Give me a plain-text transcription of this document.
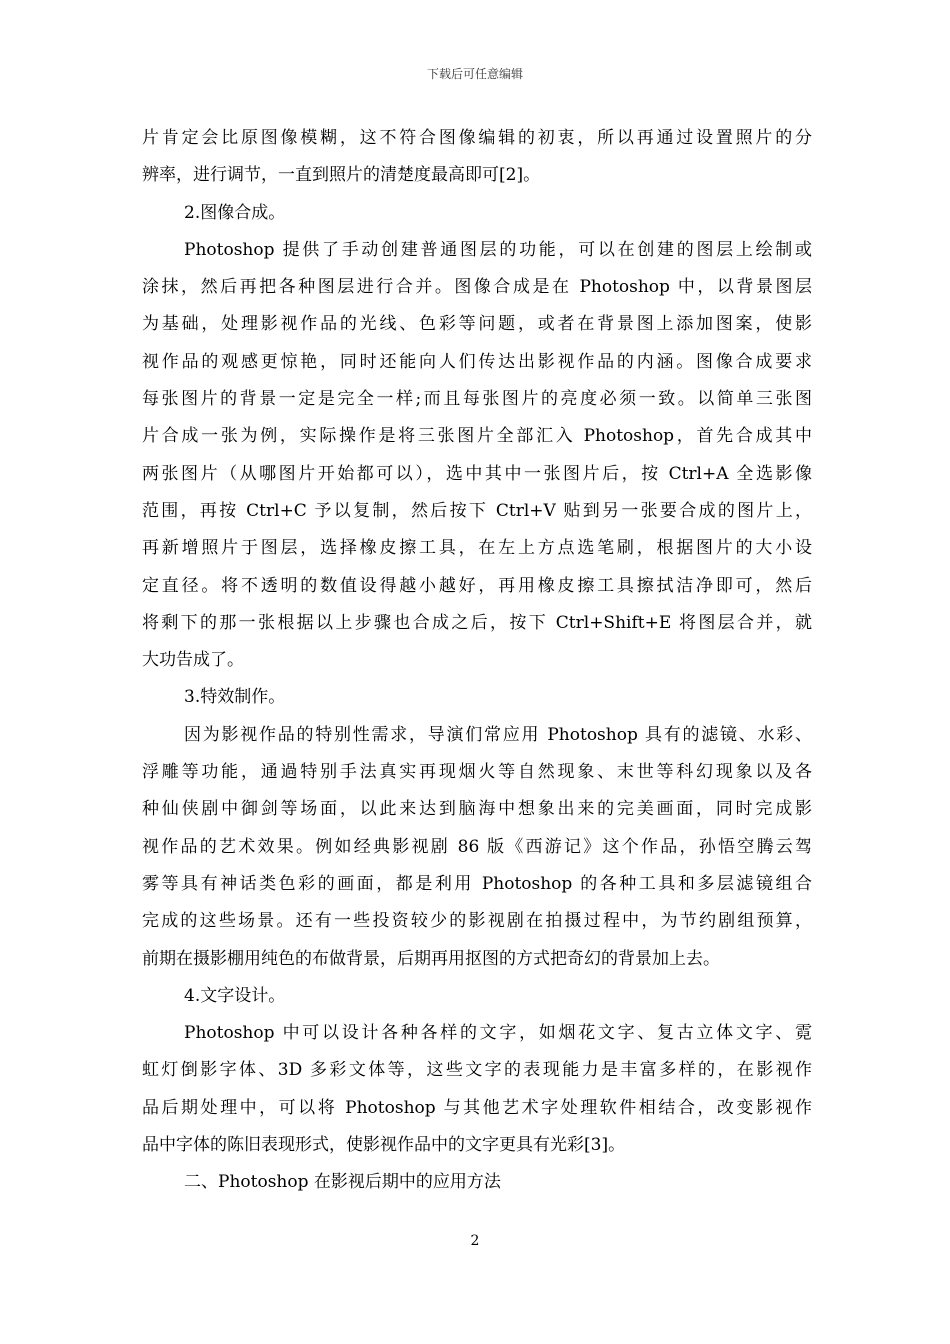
下载后可任意编辑
片肯定会比原图像模糊，这不符合图像编辑的初衷，所以再通过设置照片的分
辨率，进行调节，一直到照片的清楚度最高即可[2]。
2.图像合成。
Photoshop 提供了手动创建普通图层的功能，可以在创建的图层上绘制或
涂抹，然后再把各种图层进行合并。图像合成是在 Photoshop 中，以背景图层
为基础，处理影视作品的光线、色彩等问题，或者在背景图上添加图案，使影
视作品的观感更惊艳，同时还能向人们传达出影视作品的内涵。图像合成要求
每张图片的背景一定是完全一样;而且每张图片的亮度必须一致。以简单三张图
片合成一张为例，实际操作是将三张图片全部汇入 Photoshop，首先合成其中
两张图片（从哪图片开始都可以），选中其中一张图片后，按 Ctrl+A 全选影像
范围，再按 Ctrl+C 予以复制，然后按下 Ctrl+V 贴到另一张要合成的图片上，
再新增照片于图层，选择橡皮擦工具，在左上方点选笔刷，根据图片的大小设
定直径。将不透明的数值设得越小越好，再用橡皮擦工具擦拭洁净即可，然后
将剩下的那一张根据以上步骤也合成之后，按下 Ctrl+Shift+E 将图层合并，就
大功告成了。
3.特效制作。
因为影视作品的特别性需求，导演们常应用 Photoshop 具有的滤镜、水彩、
浮雕等功能，通過特别手法真实再现烟火等自然现象、末世等科幻现象以及各
种仙侠剧中御剑等场面，以此来达到脑海中想象出来的完美画面，同时完成影
视作品的艺术效果。例如经典影视剧 86 版《西游记》这个作品，孙悟空腾云驾
雾等具有神话类色彩的画面，都是利用 Photoshop 的各种工具和多层滤镜组合
完成的这些场景。还有一些投资较少的影视剧在拍摄过程中，为节约剧组预算，
前期在摄影棚用纯色的布做背景，后期再用抠图的方式把奇幻的背景加上去。
4.文字设计。
Photoshop 中可以设计各种各样的文字，如烟花文字、复古立体文字、霓
虹灯倒影字体、3D 多彩文体等，这些文字的表现能力是丰富多样的，在影视作
品后期处理中，可以将 Photoshop 与其他艺术字处理软件相结合，改变影视作
品中字体的陈旧表现形式，使影视作品中的文字更具有光彩[3]。
二、Photoshop 在影视后期中的应用方法
2
